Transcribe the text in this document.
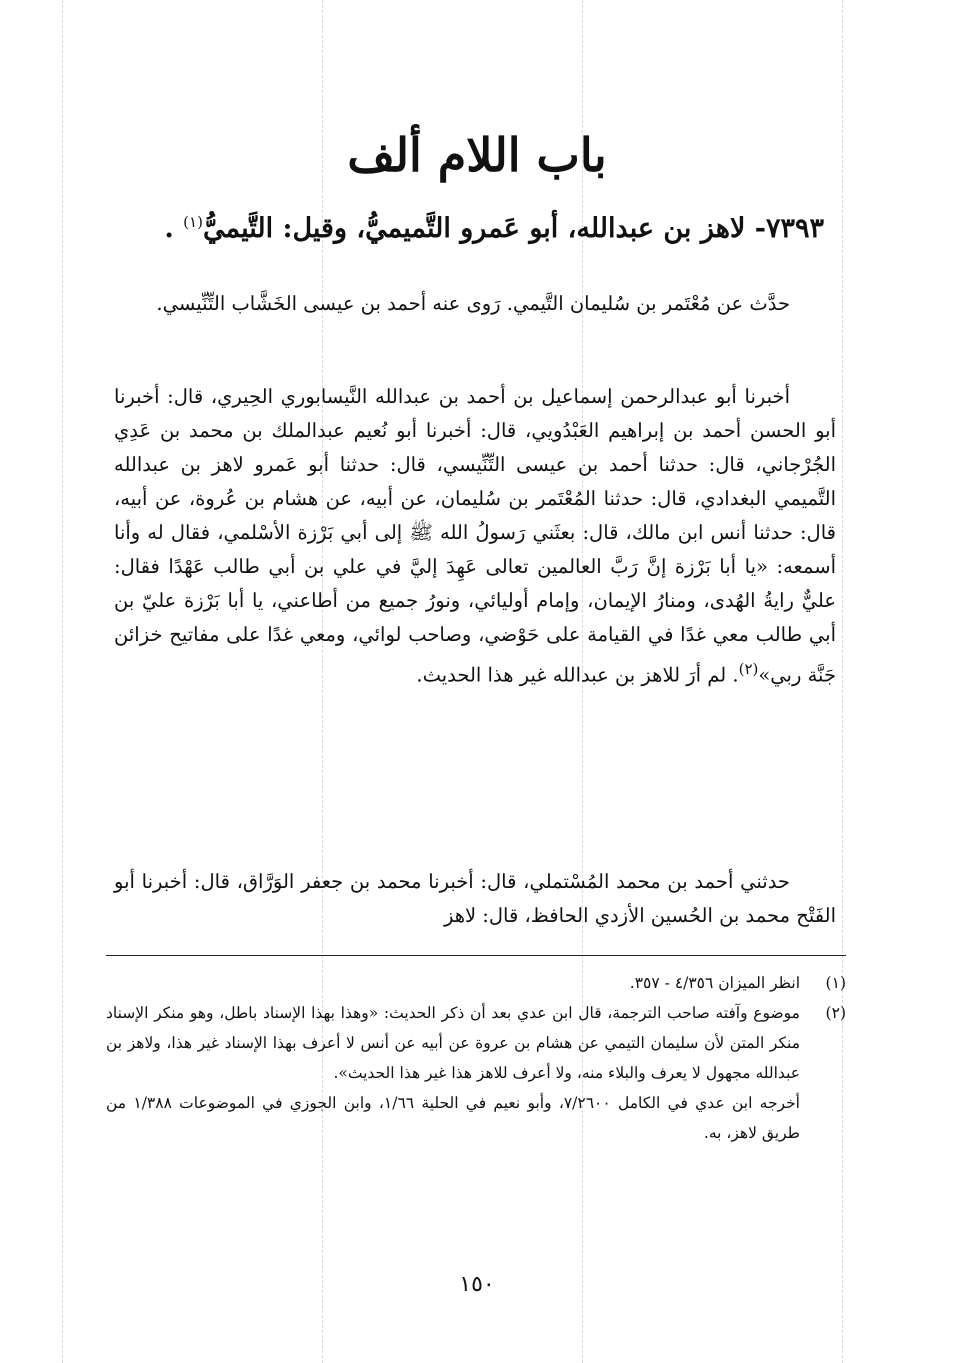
باب اللام ألف
٧٣٩٣- لاهز بن عبدالله، أبو عَمرو التَّميميُّ، وقيل: التَّيميُّ$^{(١)}$ .

حدَّث عن مُعْتَمر بن سُليمان التَّيمي. رَوى عنه أحمد بن عيسى الخَشَّاب التِّنِّيسي.

أخبرنا أبو عبدالرحمن إسماعيل بن أحمد بن عبدالله النَّيسابوري الحِيري، قال: أخبرنا أبو الحسن أحمد بن إبراهيم العَبْدُويي، قال: أخبرنا أبو نُعيم عبدالملك بن محمد بن عَدِي الجُرْجاني، قال: حدثنا أحمد بن عيسى التِّنِّيسي، قال: حدثنا أبو عَمرو لاهز بن عبدالله التَّميمي البغدادي، قال: حدثنا المُعْتَمر بن سُليمان، عن أبيه، عن هشام بن عُروة، عن أبيه، قال: حدثنا أنس ابن مالك، قال: بعثَني رَسولُ الله ﷺ إلى أبي بَرْزة الأسْلمي، فقال له وأنا أسمعه: «يا أبا بَرْزة إنَّ رَبَّ العالمين تعالى عَهِدَ إليَّ في علي بن أبي طالب عَهْدًا فقال: عليٌّ رايةُ الهُدى، ومنارُ الإيمان، وإمام أوليائي، ونورُ جميع من أطاعني، يا أبا بَرْزة عليّ بن أبي طالب معي غدًا في القيامة على حَوْضي، وصاحب لوائي، ومعي غدًا على مفاتيح خزائن جَنَّة ربي»$^{(٢)}$. لم أرَ للاهز بن عبدالله غير هذا الحديث.

حدثني أحمد بن محمد المُسْتملي، قال: أخبرنا محمد بن جعفر الوَرَّاق، قال: أخبرنا أبو الفَتْح محمد بن الحُسين الأزدي الحافظ، قال: لاهز

(١)
انظر الميزان ٤/٣٥٦ - ٣٥٧.
(٢)
موضوع وآفته صاحب الترجمة، قال ابن عدي بعد أن ذكر الحديث: «وهذا بهذا الإسناد باطل، وهو منكر الإسناد منكر المتن لأن سليمان التيمي عن هشام بن عروة عن أبيه عن أنس لا أعرف بهذا الإسناد غير هذا، ولاهز بن عبدالله مجهول لا يعرف والبلاء منه، ولا أعرف للاهز هذا غير هذا الحديث».
أخرجه ابن عدي في الكامل ٧/٢٦٠٠، وأبو نعيم في الحلية ١/٦٦، وابن الجوزي في الموضوعات ١/٣٨٨ من طريق لاهز، به.
١٥٠
